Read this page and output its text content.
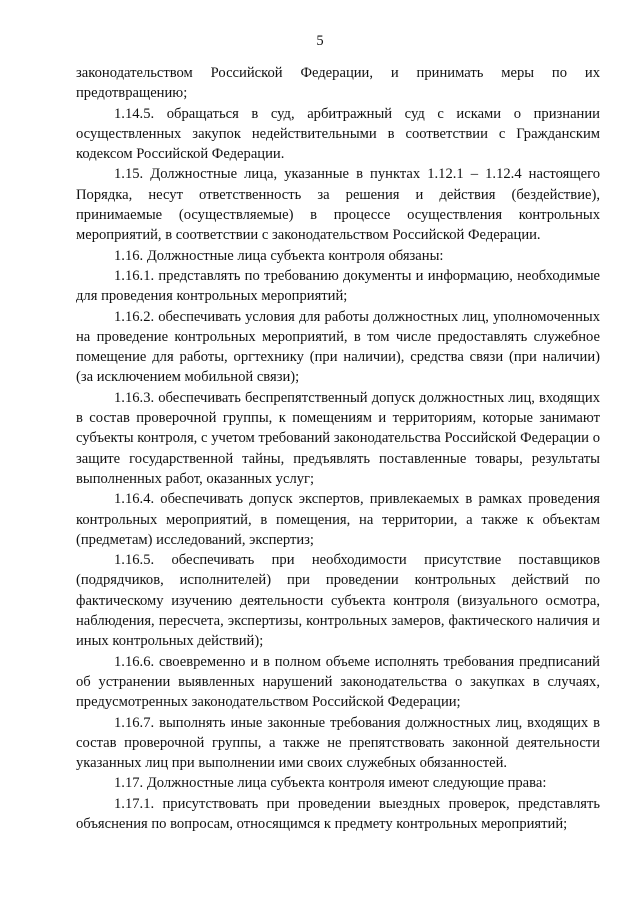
5

законодательством Российской Федерации, и принимать меры по их предотвращению;

1.14.5. обращаться в суд, арбитражный суд с исками о признании осуществленных закупок недействительными в соответствии с Гражданским кодексом Российской Федерации.

1.15. Должностные лица, указанные в пунктах 1.12.1 – 1.12.4 настоящего Порядка, несут ответственность за решения и действия (бездействие), принимаемые (осуществляемые) в процессе осуществления контрольных мероприятий, в соответствии с законодательством Российской Федерации.

1.16. Должностные лица субъекта контроля обязаны:

1.16.1. представлять по требованию документы и информацию, необходимые для проведения контрольных мероприятий;

1.16.2. обеспечивать условия для работы должностных лиц, уполномоченных на проведение контрольных мероприятий, в том числе предоставлять служебное помещение для работы, оргтехнику (при наличии), средства связи (при наличии) (за исключением мобильной связи);

1.16.3. обеспечивать беспрепятственный допуск должностных лиц, входящих в состав проверочной группы, к помещениям и территориям, которые занимают субъекты контроля, с учетом требований законодательства Российской Федерации о защите государственной тайны, предъявлять поставленные товары, результаты выполненных работ, оказанных услуг;

1.16.4. обеспечивать допуск экспертов, привлекаемых в рамках проведения контрольных мероприятий, в помещения, на территории, а также к объектам (предметам) исследований, экспертиз;

1.16.5. обеспечивать при необходимости присутствие поставщиков (подрядчиков, исполнителей) при проведении контрольных действий по фактическому изучению деятельности субъекта контроля (визуального осмотра, наблюдения, пересчета, экспертизы, контрольных замеров, фактического наличия и иных контрольных действий);

1.16.6. своевременно и в полном объеме исполнять требования предписаний об устранении выявленных нарушений законодательства о закупках в случаях, предусмотренных законодательством Российской Федерации;

1.16.7. выполнять иные законные требования должностных лиц, входящих в состав проверочной группы, а также не препятствовать законной деятельности указанных лиц при выполнении ими своих служебных обязанностей.

1.17. Должностные лица субъекта контроля имеют следующие права:

1.17.1. присутствовать при проведении выездных проверок, представлять объяснения по вопросам, относящимся к предмету контрольных мероприятий;
